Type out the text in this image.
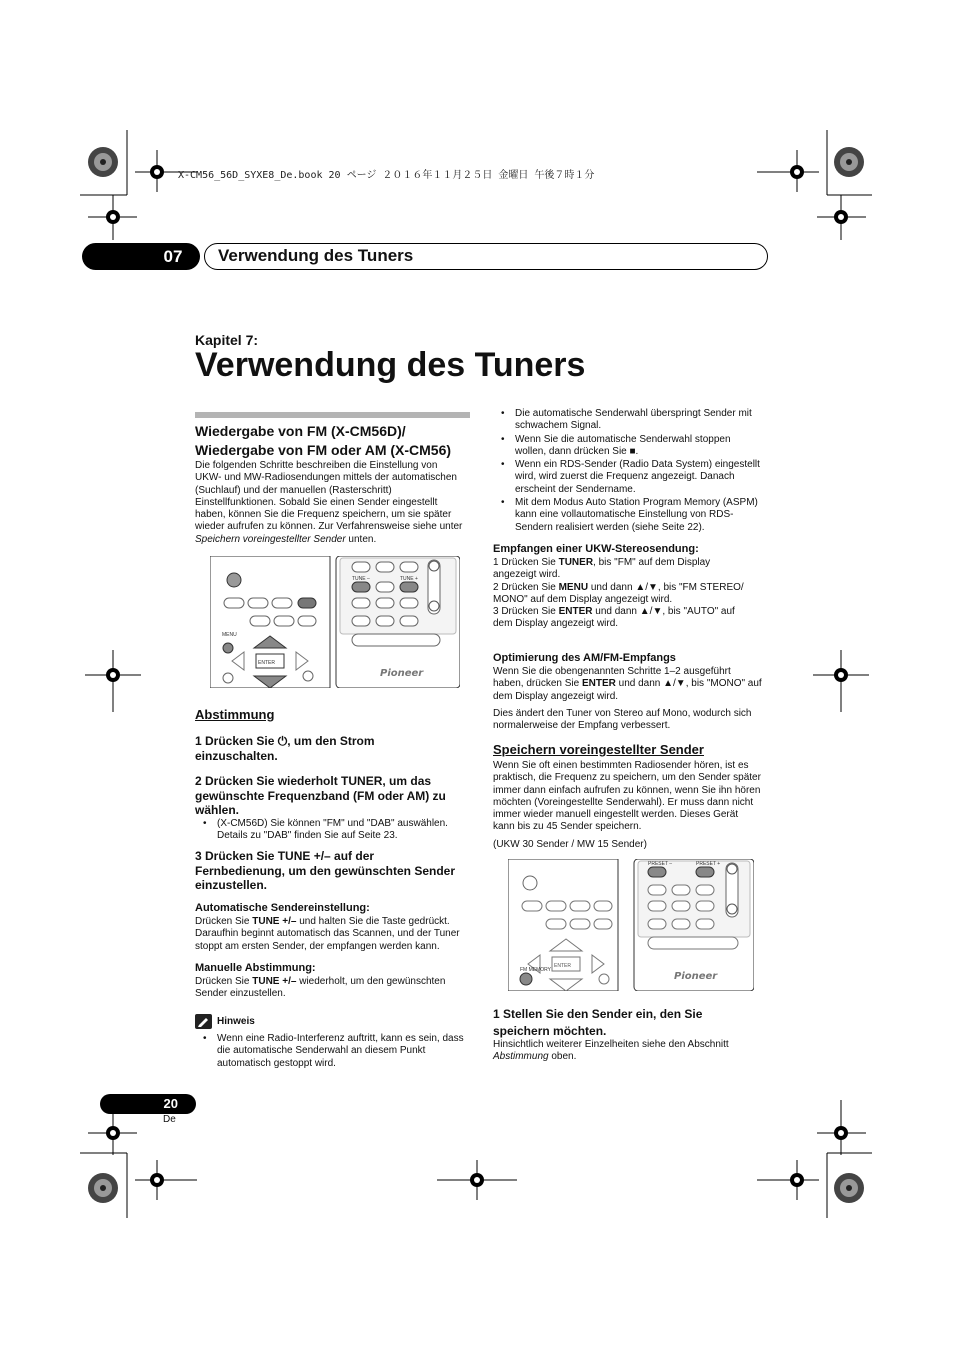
X-CM56_56D_SYXE8_De.book 20 ページ ２０１６年１１月２５日 金曜日 午後７時１分
07	Verwendung des Tuners
Kapitel 7:
Verwendung des Tuners
Wiedergabe von FM (X-CM56D)/
Wiedergabe von FM oder AM (X-CM56)
Die folgenden Schritte beschreiben die Einstellung von
UKW- und MW-Radiosendungen mittels der automatischen
(Suchlauf) und der manuellen (Rasterschritt)
Einstellfunktionen. Sobald Sie einen Sender eingestellt
haben, können Sie die Frequenz speichern, um sie später
wieder aufrufen zu können. Zur Verfahrensweise siehe unter
Speichern voreingestellter Sender unten.
Pioneer
ENTER
MENU
TUNE –	TUNE +
Abstimmung
1 Drücken Sie ⏻, um den Strom
einzuschalten.
2 Drücken Sie wiederholt TUNER, um das
gewünschte Frequenzband (FM oder AM) zu
wählen.
• (X-CM56D) Sie können "FM" und "DAB" auswählen.
Details zu "DAB" finden Sie auf Seite 23.
3 Drücken Sie TUNE +/– auf der
Fernbedienung, um den gewünschten Sender
einzustellen.
Automatische Sendereinstellung:
Drücken Sie TUNE +/– und halten Sie die Taste gedrückt.
Daraufhin beginnt automatisch das Scannen, und der Tuner
stoppt am ersten Sender, der empfangen werden kann.
Manuelle Abstimmung:
Drücken Sie TUNE +/– wiederholt, um den gewünschten
Sender einzustellen.
Hinweis
• Wenn eine Radio-Interferenz auftritt, kann es sein, dass
die automatische Senderwahl an diesem Punkt
automatisch gestoppt wird.
• Die automatische Senderwahl überspringt Sender mit
schwachem Signal.
• Wenn Sie die automatische Senderwahl stoppen
wollen, dann drücken Sie ■.
• Wenn ein RDS-Sender (Radio Data System) eingestellt
wird, wird zuerst die Frequenz angezeigt. Danach
erscheint der Sendername.
• Mit dem Modus Auto Station Program Memory (ASPM)
kann eine vollautomatische Einstellung von RDS-
Sendern realisiert werden (siehe Seite 22).
Empfangen einer UKW-Stereosendung:
1 Drücken Sie TUNER, bis "FM" auf dem Display
angezeigt wird.
2 Drücken Sie MENU und dann ▲/▼, bis "FM STEREO/
MONO" auf dem Display angezeigt wird.
3 Drücken Sie ENTER und dann ▲/▼, bis "AUTO" auf
dem Display angezeigt wird.
Optimierung des AM/FM-Empfangs
Wenn Sie die obengenannten Schritte 1–2 ausgeführt
haben, drücken Sie ENTER und dann ▲/▼, bis "MONO" auf
dem Display angezeigt wird.
Dies ändert den Tuner von Stereo auf Mono, wodurch sich
normalerweise der Empfang verbessert.
Speichern voreingestellter Sender
Wenn Sie oft einen bestimmten Radiosender hören, ist es
praktisch, die Frequenz zu speichern, um den Sender später
immer dann einfach aufrufen zu können, wenn Sie ihn hören
möchten (Voreingestellte Senderwahl). Er muss dann nicht
immer wieder manuell eingestellt werden. Dieses Gerät
kann bis zu 45 Sender speichern.
(UKW 30 Sender / MW 15 Sender)
Pioneer
ENTER
FM MEMORY
PRESET –	PRESET +
1 Stellen Sie den Sender ein, den Sie
speichern möchten.
Hinsichtlich weiterer Einzelheiten siehe den Abschnitt
Abstimmung oben.
20
De
